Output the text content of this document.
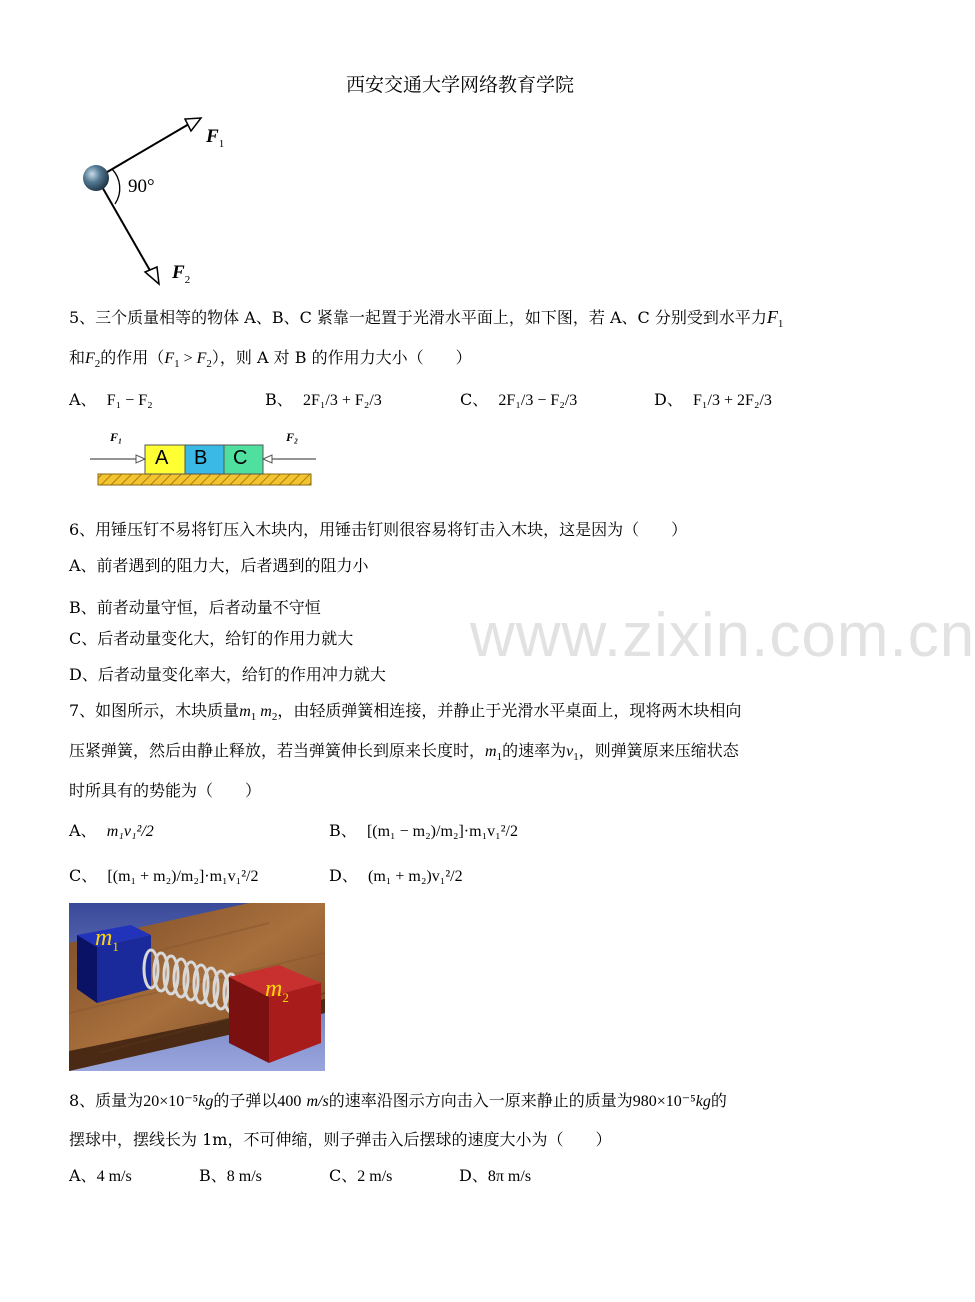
西安交通大学网络教育学院
$F_1$
$F_2$
90°
5、三个质量相等的物体 A、B、C 紧靠一起置于光滑水平面上，如下图，若 A、C 分别受到水平力$F_1$
和$F_2$的作用$(F_1 > F_2)$，则 A 对 B 的作用力大小（　　）
A、 F₁ − F₂	B、 2F₁/3 + F₂/3	C、 2F₁/3 − F₂/3	D、 F₁/3 + 2F₂/3
A B C
F₁	F₂
6、用锤压钉不易将钉压入木块内，用锤击钉则很容易将钉击入木块，这是因为（　　）
A、前者遇到的阻力大，后者遇到的阻力小
B、前者动量守恒，后者动量不守恒
C、后者动量变化大，给钉的作用力就大
D、后者动量变化率大，给钉的作用冲力就大
www.zixin.com.cn
7、如图所示，木块质量$m_1$ $m_2$，由轻质弹簧相连接，并静止于光滑水平桌面上，现将两木块相向
压紧弹簧，然后由静止释放，若当弹簧伸长到原来长度时，$m_1$的速率为$v_1$，则弹簧原来压缩状态
时所具有的势能为（　　）
A、 m₁v₁²/2	B、 [(m₁ − m₂)/m₂]·m₁v₁²/2
C、 [(m₁ + m₂)/m₂]·m₁v₁²/2	D、 (m₁ + m₂)v₁²/2
$m_1$
$m_2$
8、质量为20×10⁻⁵kg的子弹以400 m/s的速率沿图示方向击入一原来静止的质量为980×10⁻⁵kg的
摆球中，摆线长为 1m，不可伸缩，则子弹击入后摆球的速度大小为（　　）
A、4 m/s	B、8 m/s	C、2 m/s	D、8π m/s
